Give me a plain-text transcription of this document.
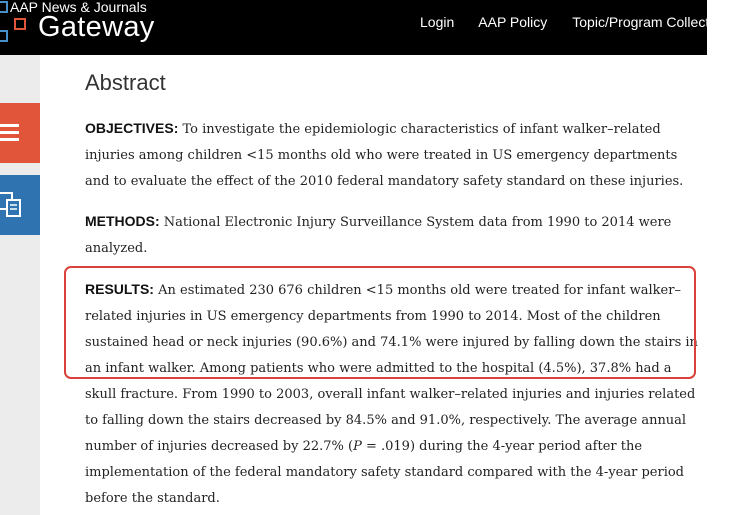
AAP News & Journals
Gateway	Login AAP Policy Topic/Program Collections
Abstract

OBJECTIVES: To investigate the epidemiologic characteristics of infant walker–related
injuries among children <15 months old who were treated in US emergency departments
and to evaluate the effect of the 2010 federal mandatory safety standard on these injuries.

METHODS: National Electronic Injury Surveillance System data from 1990 to 2014 were
analyzed.

RESULTS: An estimated 230 676 children <15 months old were treated for infant walker–
related injuries in US emergency departments from 1990 to 2014. Most of the children
sustained head or neck injuries (90.6%) and 74.1% were injured by falling down the stairs in
an infant walker. Among patients who were admitted to the hospital (4.5%), 37.8% had a
skull fracture. From 1990 to 2003, overall infant walker–related injuries and injuries related
to falling down the stairs decreased by 84.5% and 91.0%, respectively. The average annual
number of injuries decreased by 22.7% (P = .019) during the 4-year period after the
implementation of the federal mandatory safety standard compared with the 4-year period
before the standard.
